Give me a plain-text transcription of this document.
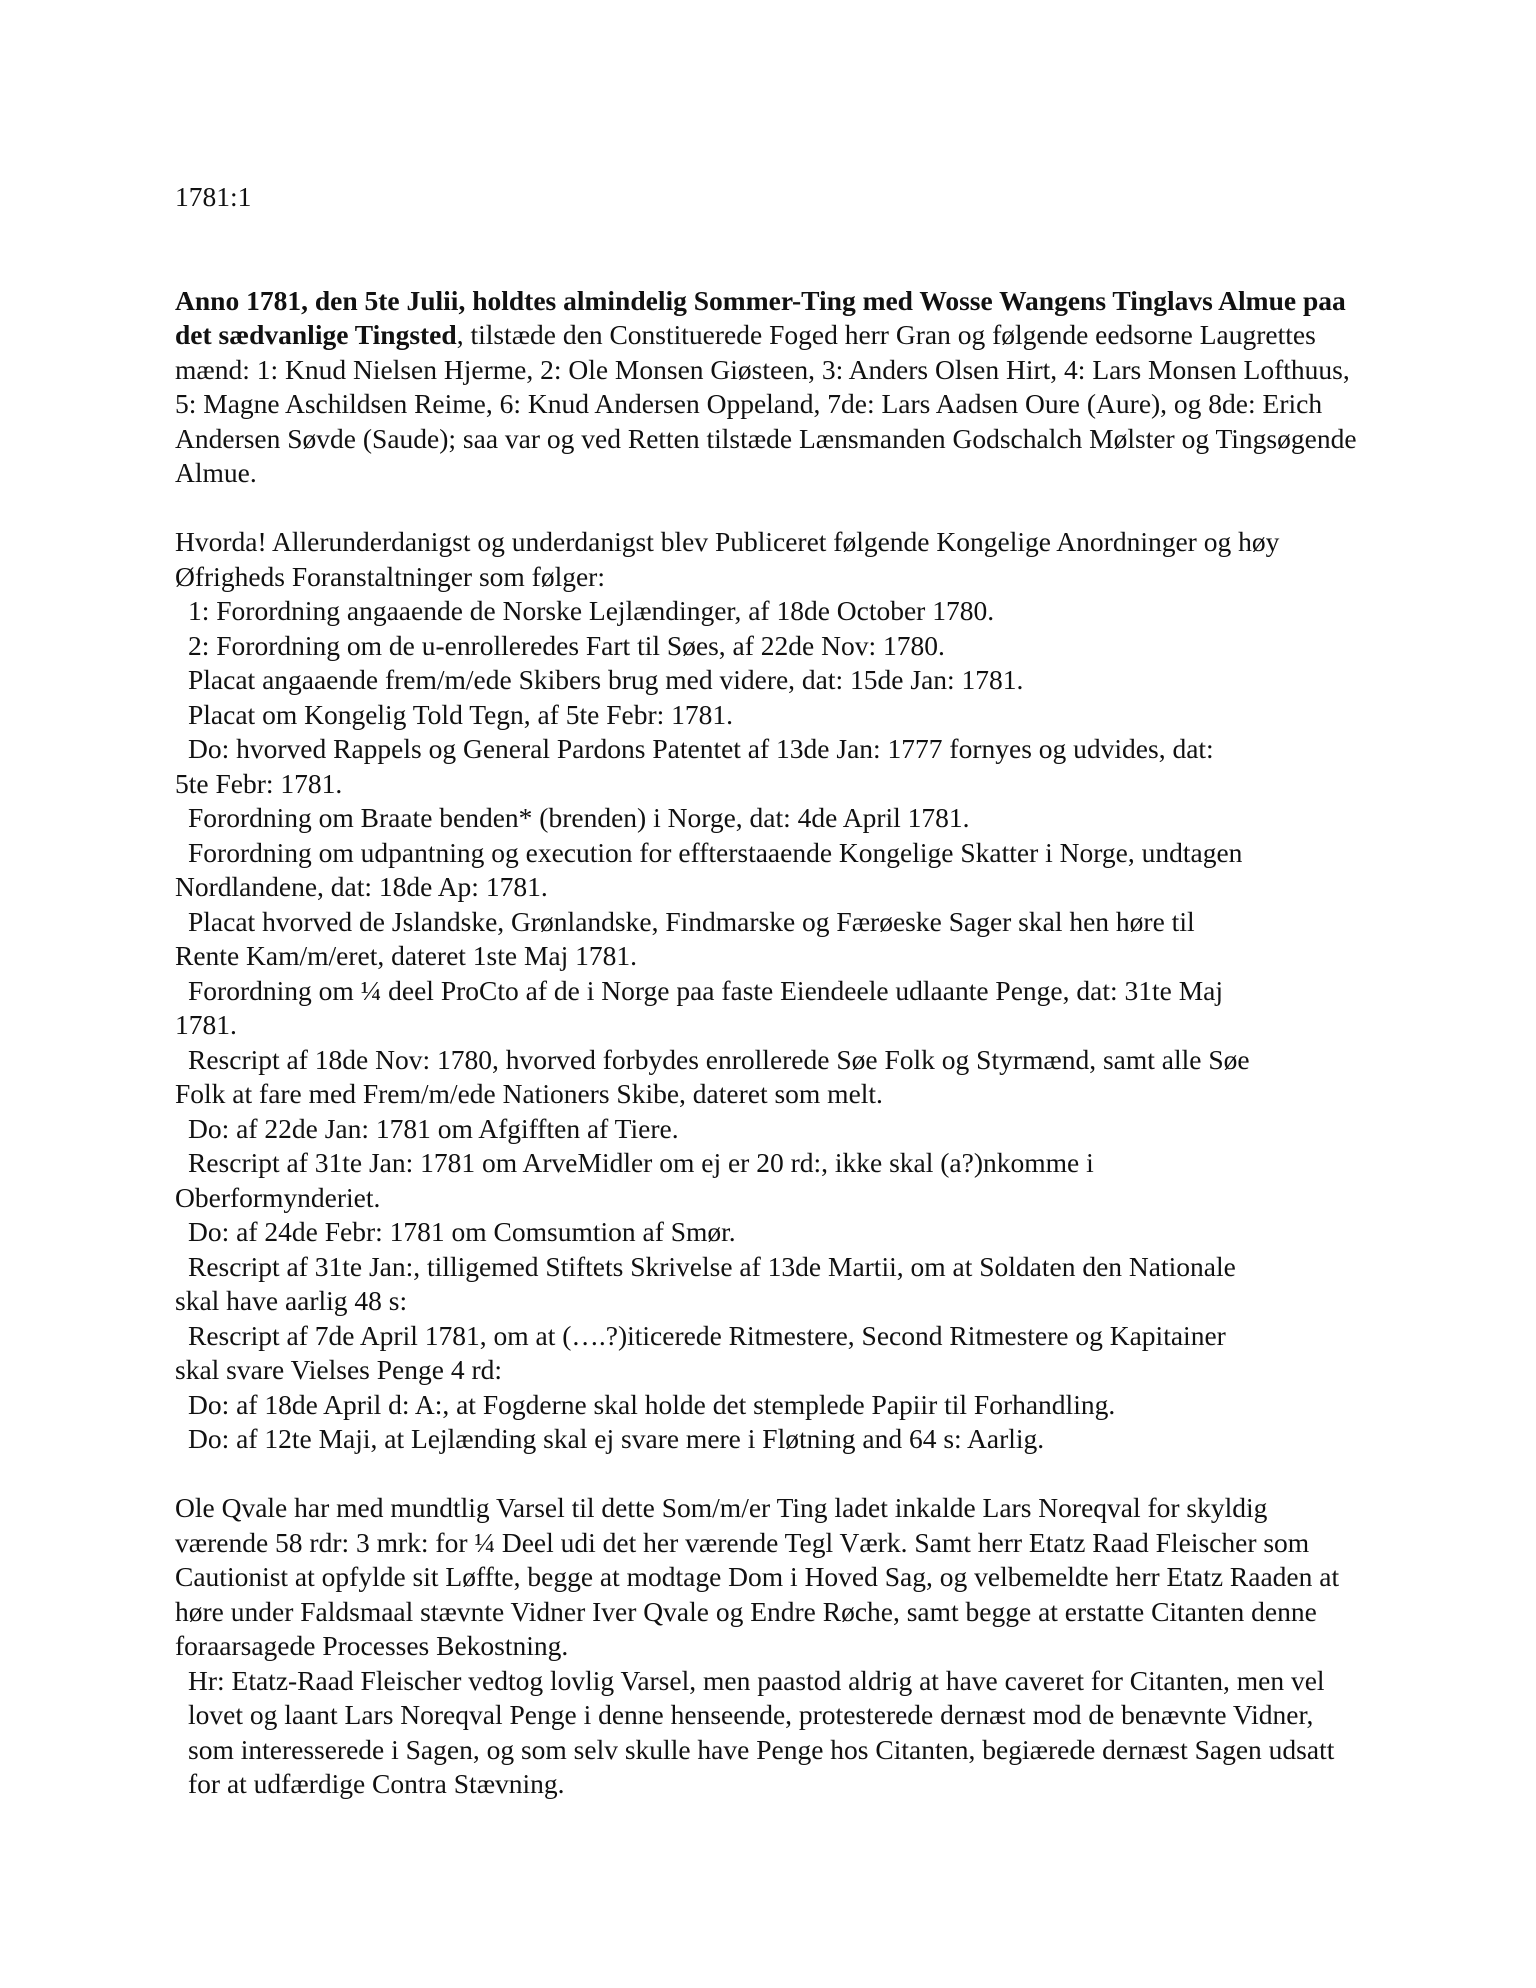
1781:1

Anno 1781, den 5te Julii, holdtes almindelig Sommer-Ting med Wosse Wangens Tinglavs Almue paa det sædvanlige Tingsted, tilstæde den Constituerede Foged herr Gran og følgende eedsorne Laugrettes mænd: 1: Knud Nielsen Hjerme, 2: Ole Monsen Giøsteen, 3: Anders Olsen Hirt, 4: Lars Monsen Lofthuus, 5: Magne Aschildsen Reime, 6: Knud Andersen Oppeland, 7de: Lars Aadsen Oure (Aure), og 8de: Erich Andersen Søvde (Saude); saa var og ved Retten tilstæde Lænsmanden Godschalch Mølster og Tingsøgende Almue.

Hvorda! Allerunderdanigst og underdanigst blev Publiceret følgende Kongelige Anordninger og høy Øfrigheds Foranstaltninger som følger:

1: Forordning angaaende de Norske Lejlændinger, af 18de October 1780.

2: Forordning om de u-enrolleredes Fart til Søes, af 22de Nov: 1780.

Placat angaaende frem/m/ede Skibers brug med videre, dat: 15de Jan: 1781.

Placat om Kongelig Told Tegn, af 5te Febr: 1781.

Do: hvorved Rappels og General Pardons Patentet af 13de Jan: 1777 fornyes og udvides, dat:
5te Febr: 1781.

Forordning om Braate benden* (brenden) i Norge, dat: 4de April 1781.

Forordning om udpantning og execution for effterstaaende Kongelige Skatter i Norge, undtagen
Nordlandene, dat: 18de Ap: 1781.

Placat hvorved de Jslandske, Grønlandske, Findmarske og Færøeske Sager skal hen høre til
Rente Kam/m/eret, dateret 1ste Maj 1781.

Forordning om ¼ deel ProCto af de i Norge paa faste Eiendeele udlaante Penge, dat: 31te Maj
1781.

Rescript af 18de Nov: 1780, hvorved forbydes enrollerede Søe Folk og Styrmænd, samt alle Søe
Folk at fare med Frem/m/ede Nationers Skibe, dateret som melt.

Do: af 22de Jan: 1781 om Afgifften af Tiere.

Rescript af 31te Jan: 1781 om ArveMidler om ej er 20 rd:, ikke skal (a?)nkomme i
Oberformynderiet.

Do: af 24de Febr: 1781 om Comsumtion af Smør.

Rescript af 31te Jan:, tilligemed Stiftets Skrivelse af 13de Martii, om at Soldaten den Nationale
skal have aarlig 48 s:

Rescript af 7de April 1781, om at (….?)iticerede Ritmestere, Second Ritmestere og Kapitainer
skal svare Vielses Penge 4 rd:

Do: af 18de April d: A:, at Fogderne skal holde det stemplede Papiir til Forhandling.

Do: af 12te Maji, at Lejlænding skal ej svare mere i Fløtning and 64 s: Aarlig.

Ole Qvale har med mundtlig Varsel til dette Som/m/er Ting ladet inkalde Lars Noreqval for skyldig værende 58 rdr: 3 mrk: for ¼ Deel udi det her værende Tegl Værk. Samt herr Etatz Raad Fleischer som Cautionist at opfylde sit Løffte, begge at modtage Dom i Hoved Sag, og velbemeldte herr Etatz Raaden at høre under Faldsmaal stævnte Vidner Iver Qvale og Endre Røche, samt begge at erstatte Citanten denne foraarsagede Processes Bekostning.

Hr: Etatz-Raad Fleischer vedtog lovlig Varsel, men paastod aldrig at have caveret for Citanten, men vel lovet og laant Lars Noreqval Penge i denne henseende, protesterede dernæst mod de benævnte Vidner, som interesserede i Sagen, og som selv skulle have Penge hos Citanten, begiærede dernæst Sagen udsatt for at udfærdige Contra Stævning.
